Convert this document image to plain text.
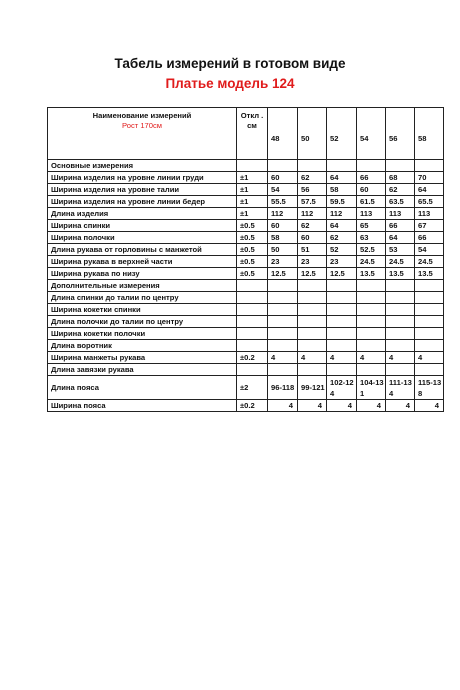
Табель измерений в готовом виде
Платье модель 124
Наименование измерений
Рост 170см	Откл . см	48	50	52	54	56	58
Основные измерения							
Ширина изделия на уровне линии груди	±1	60	62	64	66	68	70
Ширина изделия на уровне талии	±1	54	56	58	60	62	64
Ширина изделия на уровне линии бедер	±1	55.5	57.5	59.5	61.5	63.5	65.5
Длина изделия	±1	112	112	112	113	113	113
Ширина спинки	±0.5	60	62	64	65	66	67
Ширина полочки	±0.5	58	60	62	63	64	66
Длина рукава от горловины с манжетой	±0.5	50	51	52	52.5	53	54
Ширина рукава в верхней части	±0.5	23	23	23	24.5	24.5	24.5
Ширина рукава по низу	±0.5	12.5	12.5	12.5	13.5	13.5	13.5
Дополнительные измерения							
Длина спинки до талии по центру							
Ширина кокетки спинки							
Длина полочки до талии по центру							
Ширина кокетки полочки							
Длина воротник							
Ширина манжеты рукава	±0.2	4	4	4	4	4	4
Длина завязки рукава							
Длина пояса	±2	96-118	99-121	102-124	104-131	111-134	115-138
Ширина пояса	±0.2	4	4	4	4	4	4
